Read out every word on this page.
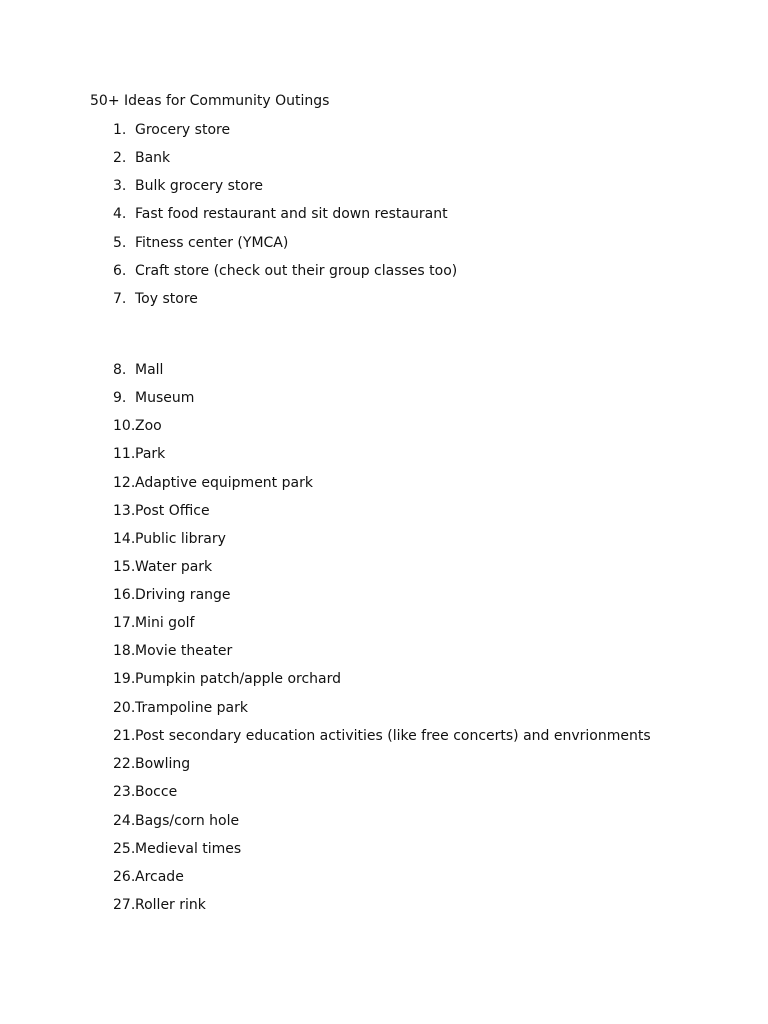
50+ Ideas for Community Outings
1. Grocery store
2. Bank
3. Bulk grocery store
4. Fast food restaurant and sit down restaurant
5. Fitness center (YMCA)
6. Craft store (check out their group classes too)
7. Toy store
8. Mall
9. Museum
10.Zoo
11.Park
12.Adaptive equipment park
13.Post Office
14.Public library
15.Water park
16.Driving range
17.Mini golf
18.Movie theater
19.Pumpkin patch/apple orchard
20.Trampoline park
21.Post secondary education activities (like free concerts) and envrionments
22.Bowling
23.Bocce
24.Bags/corn hole
25.Medieval times
26.Arcade
27.Roller rink
